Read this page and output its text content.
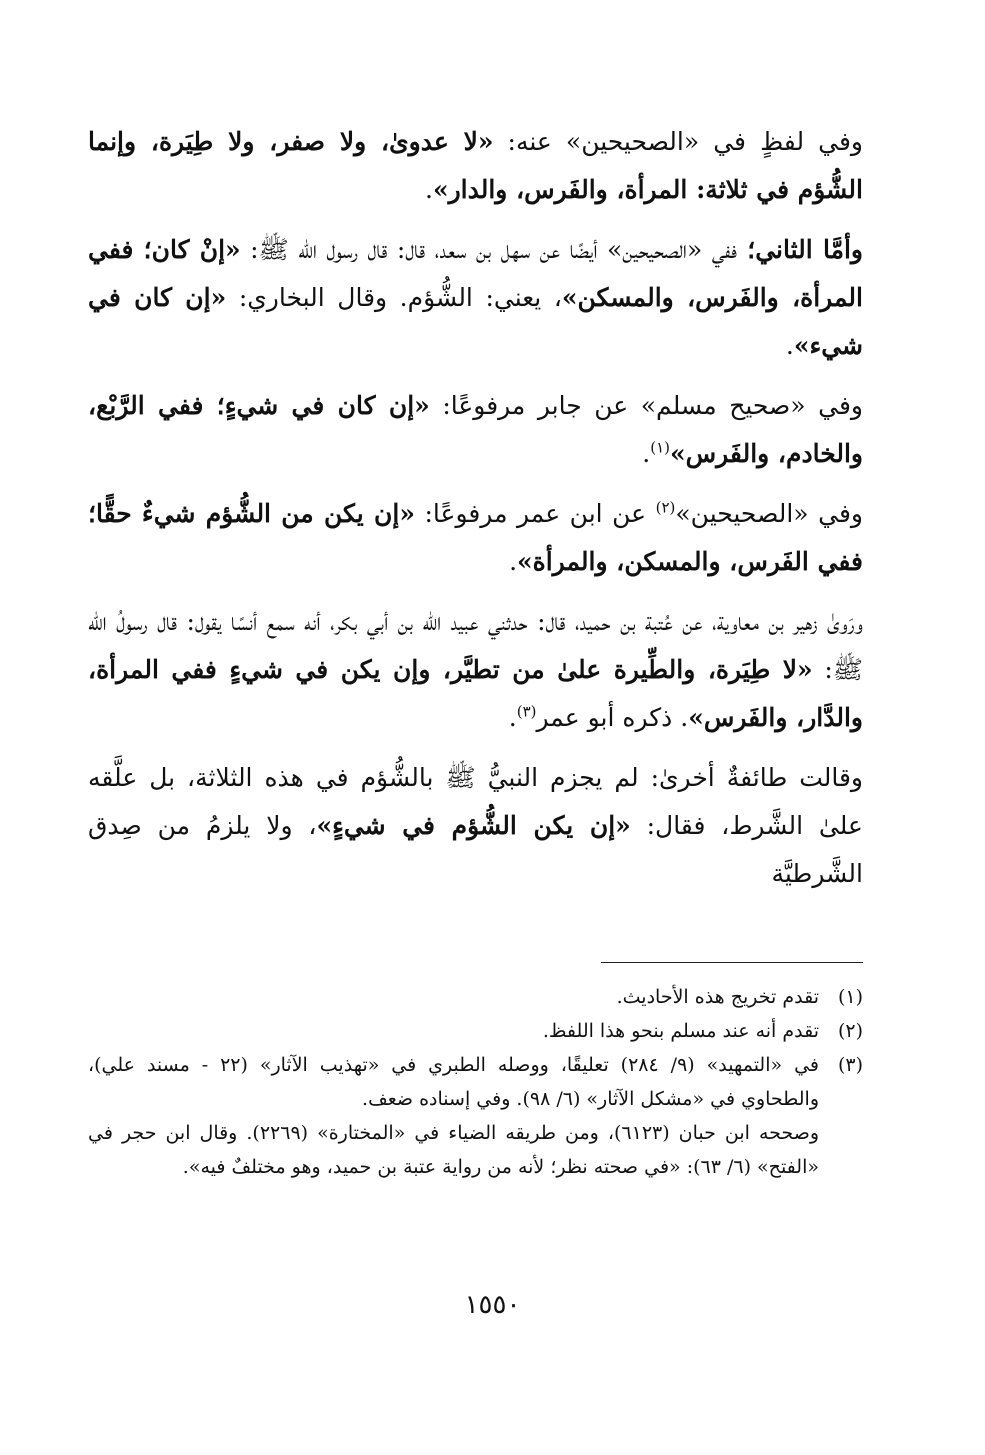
وفي لفظٍ في «الصحيحين» عنه: «لا عدوىٰ، ولا صفر، ولا طِيَرة، وإنما الشُّؤم في ثلاثة: المرأة، والفَرس، والدار».

وأمَّا الثاني؛ ففي «الصحيحين» أيضًا عن سهل بن سعد، قال: قال رسول الله ﷺ: «إنْ كان؛ ففي المرأة، والفَرس، والمسكن»، يعني: الشُّؤم. وقال البخاري: «إن كان في شيء».

وفي «صحيح مسلم» عن جابر مرفوعًا: «إن كان في شيءٍ؛ ففي الرَّبْع، والخادم، والفَرس»$^{(١)}$.

وفي «الصحيحين»$^{(٢)}$ عن ابن عمر مرفوعًا: «إن يكن من الشُّؤم شيءٌ حقًّا؛ ففي الفَرس، والمسكن، والمرأة».

ورَوىٰ زهير بن معاوية، عن عُتبة بن حميد، قال: حدثني عبيد الله بن أبي بكر، أنه سمع أنسًا يقول: قال رسولُ الله ﷺ: «لا طِيَرة، والطِّيرة علىٰ من تطيَّر، وإن يكن في شيءٍ ففي المرأة، والدَّار، والفَرس». ذكره أبو عمر$^{(٣)}$.

وقالت طائفةٌ أخرىٰ: لم يجزم النبيُّ ﷺ بالشُّؤم في هذه الثلاثة، بل علَّقه علىٰ الشَّرط، فقال: «إن يكن الشُّؤم في شيءٍ»، ولا يلزمُ من صِدق الشَّرطيَّة

(١)
تقدم تخريج هذه الأحاديث.
(٢)
تقدم أنه عند مسلم بنحو هذا اللفظ.
(٣)
في «التمهيد» (٩/ ٢٨٤) تعليقًا، ووصله الطبري في «تهذيب الآثار» (٢٢ - مسند علي)، والطحاوي في «مشكل الآثار» (٦/ ٩٨). وفي إسناده ضعف.
وصححه ابن حبان (٦١٢٣)، ومن طريقه الضياء في «المختارة» (٢٢٦٩). وقال ابن حجر في «الفتح» (٦/ ٦٣): «في صحته نظر؛ لأنه من رواية عتبة بن حميد، وهو مختلفٌ فيه».
١٥٥٠
